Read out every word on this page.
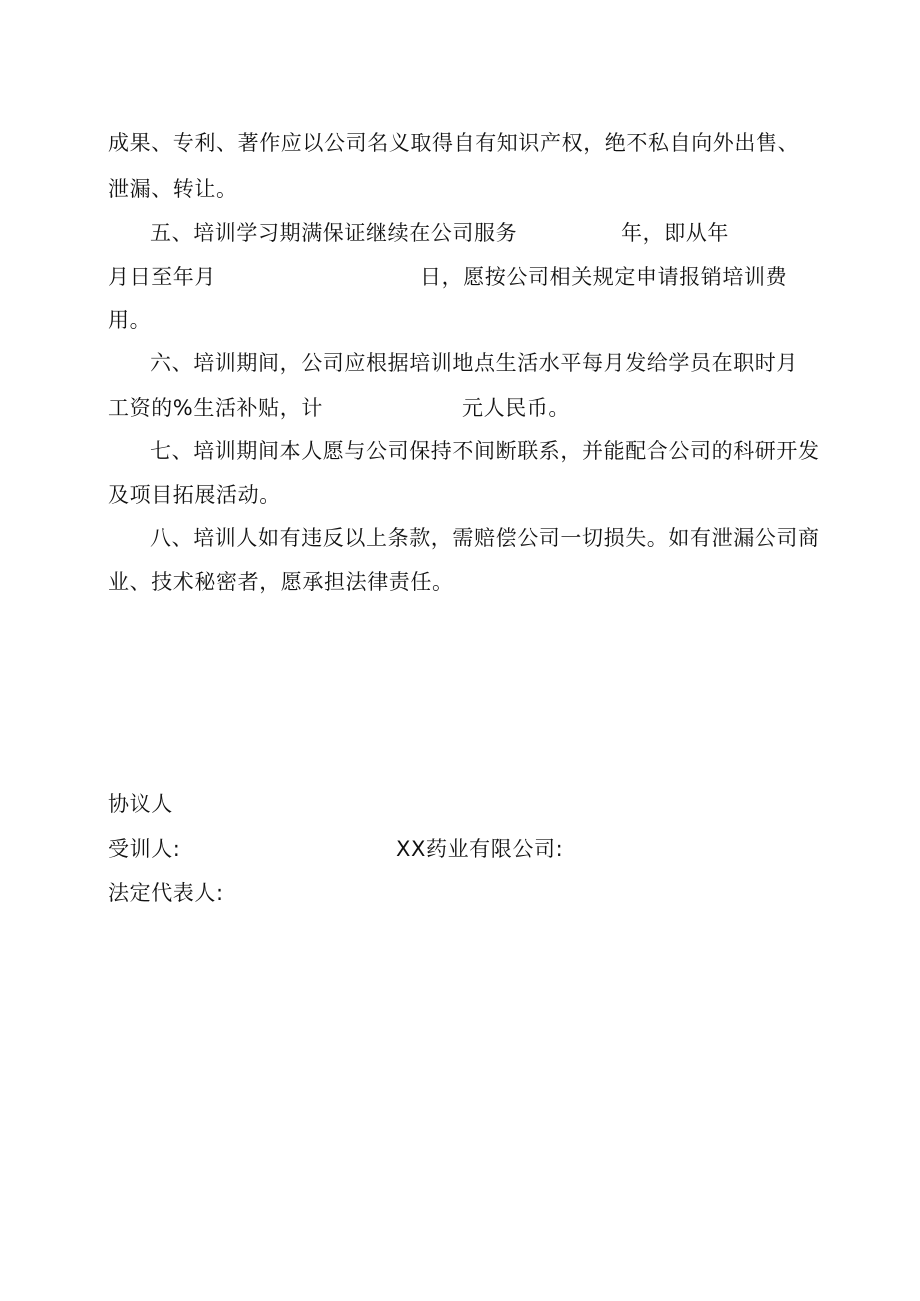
成果、专利、著作应以公司名义取得自有知识产权，绝不私自向外出售、
泄漏、转让。
五、培训学习期满保证继续在公司服务	年，即从年
月日至年月	日，愿按公司相关规定申请报销培训费
用。
六、培训期间，公司应根据培训地点生活水平每月发给学员在职时月
工资的%生活补贴，计	元人民币。
七、培训期间本人愿与公司保持不间断联系，并能配合公司的科研开发
及项目拓展活动。
八、培训人如有违反以上条款，需赔偿公司一切损失。如有泄漏公司商
业、技术秘密者，愿承担法律责任。
协议人
受训人:	XX药业有限公司:
法定代表人:
